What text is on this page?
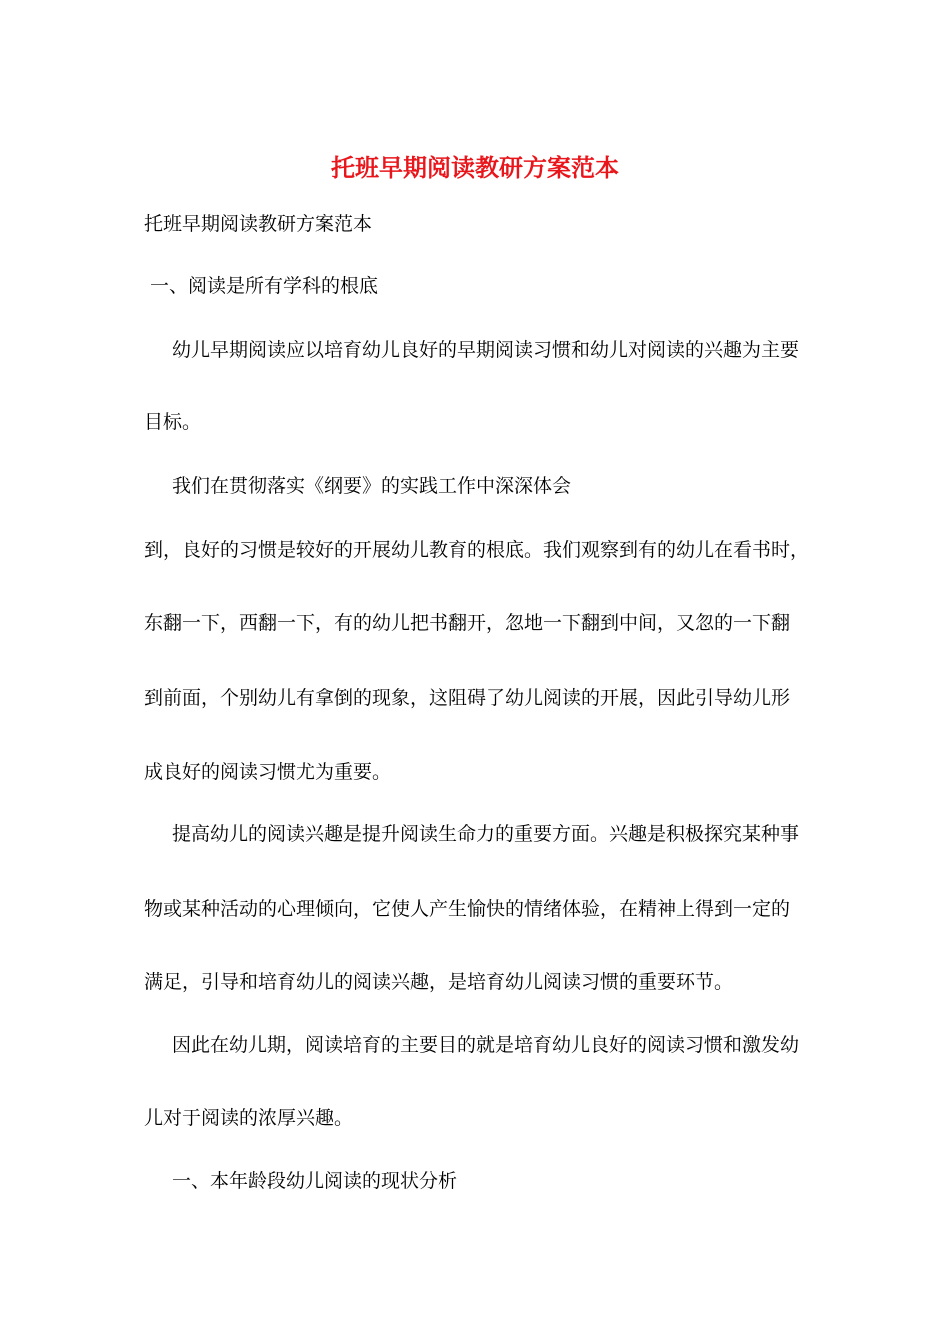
托班早期阅读教研方案范本
托班早期阅读教研方案范本
一、阅读是所有学科的根底
幼儿早期阅读应以培育幼儿良好的早期阅读习惯和幼儿对阅读的兴趣为主要
目标。
我们在贯彻落实《纲要》的实践工作中深深体会
到，良好的习惯是较好的开展幼儿教育的根底。我们观察到有的幼儿在看书时，
东翻一下，西翻一下，有的幼儿把书翻开，忽地一下翻到中间，又忽的一下翻
到前面，个别幼儿有拿倒的现象，这阻碍了幼儿阅读的开展，因此引导幼儿形
成良好的阅读习惯尤为重要。
提高幼儿的阅读兴趣是提升阅读生命力的重要方面。兴趣是积极探究某种事
物或某种活动的心理倾向，它使人产生愉快的情绪体验，在精神上得到一定的
满足，引导和培育幼儿的阅读兴趣，是培育幼儿阅读习惯的重要环节。
因此在幼儿期，阅读培育的主要目的就是培育幼儿良好的阅读习惯和激发幼
儿对于阅读的浓厚兴趣。
一、本年龄段幼儿阅读的现状分析
